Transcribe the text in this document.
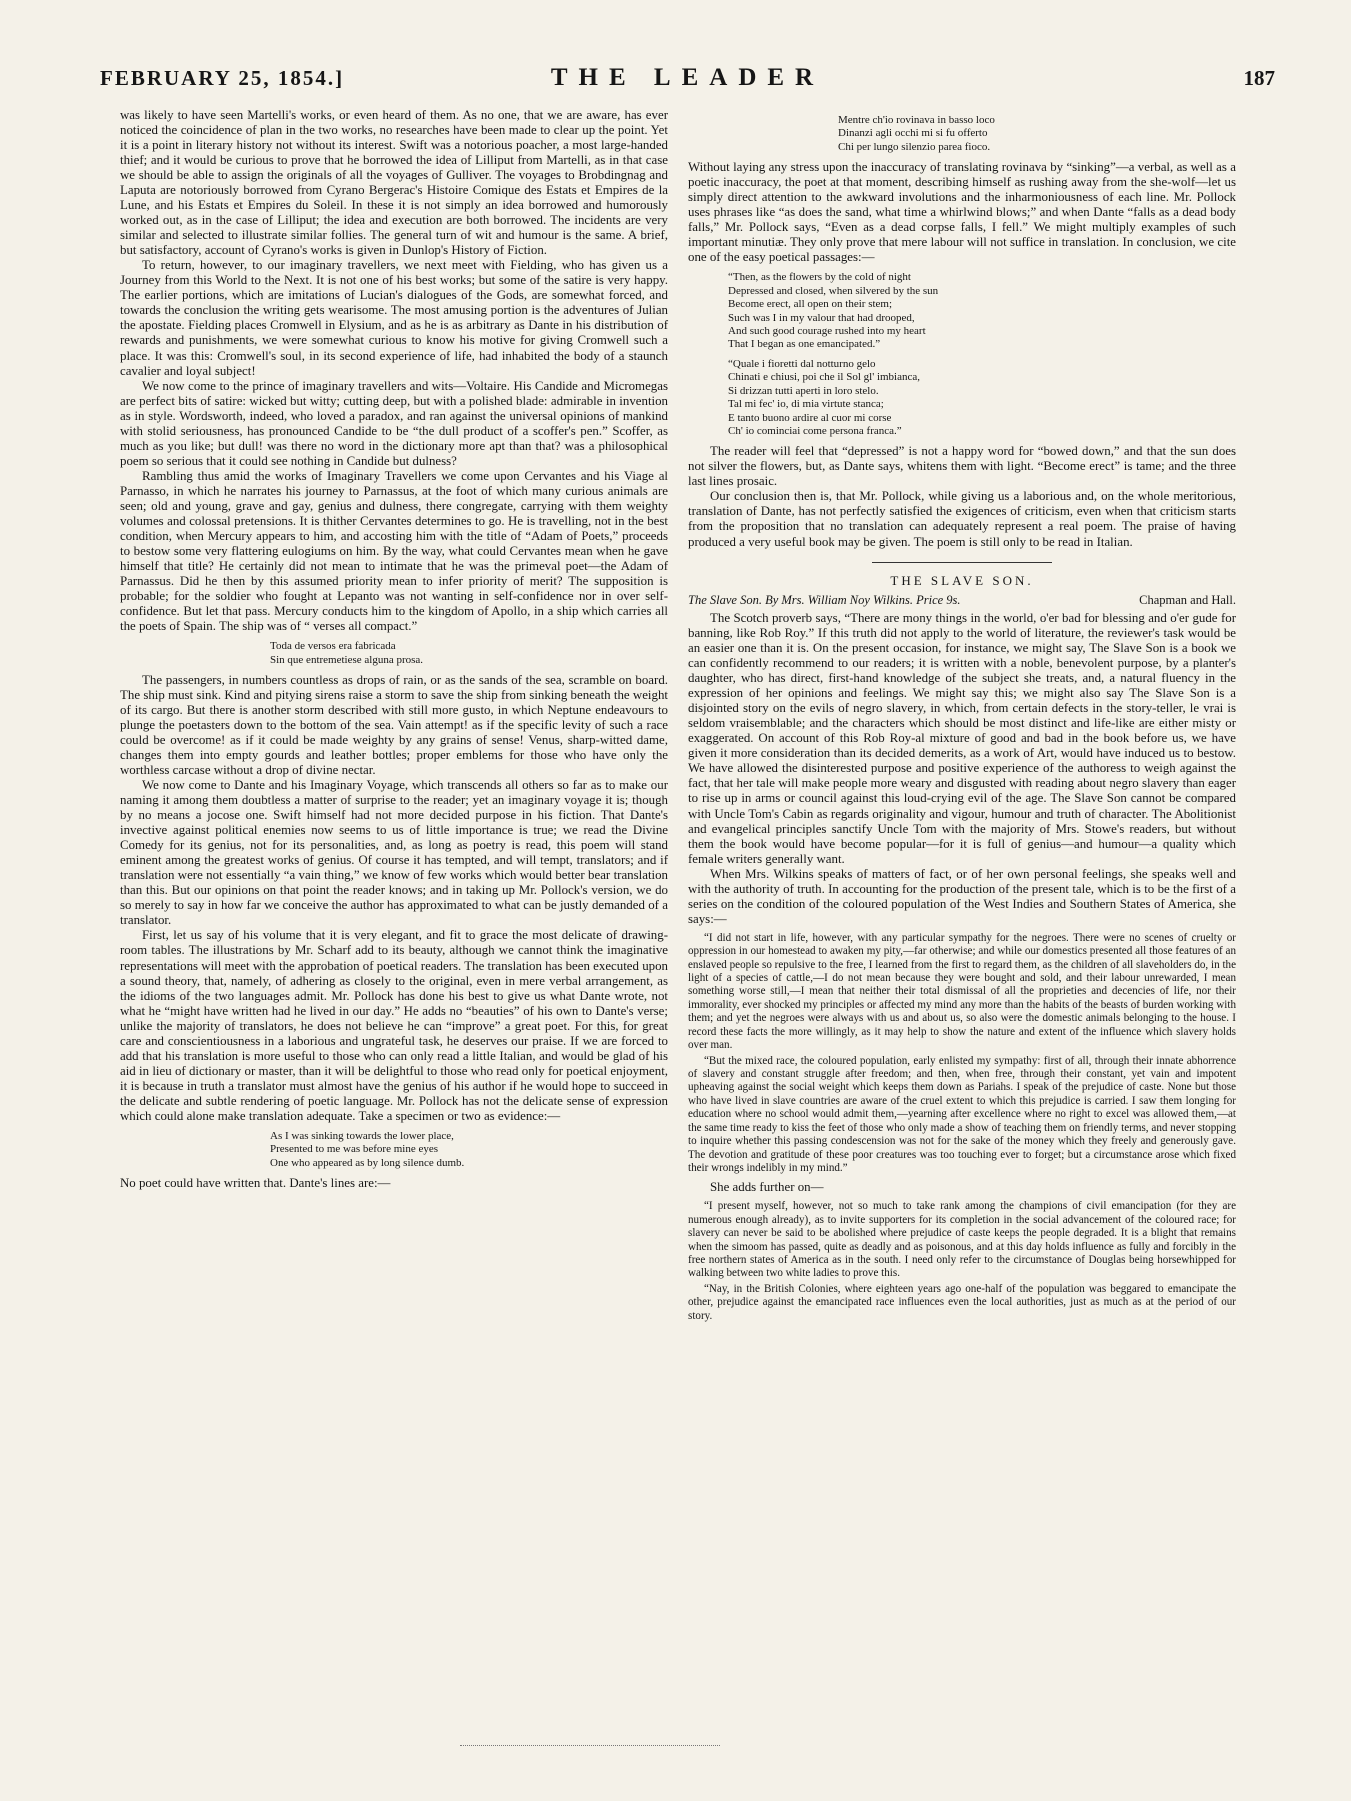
FEBRUARY 25, 1854.]	THE LEADER	187

was likely to have seen Martelli's works, or even heard of them. As no one, that we are aware, has ever noticed the coincidence of plan in the two works, no researches have been made to clear up the point. Yet it is a point in literary history not without its interest. Swift was a notorious poacher, a most large-handed thief; and it would be curious to prove that he borrowed the idea of Lilliput from Martelli, as in that case we should be able to assign the originals of all the voyages of Gulliver. The voyages to Brobdingnag and Laputa are notoriously borrowed from Cyrano Bergerac's Histoire Comique des Estats et Empires de la Lune, and his Estats et Empires du Soleil. In these it is not simply an idea borrowed and humorously worked out, as in the case of Lilliput; the idea and execution are both borrowed. The incidents are very similar and selected to illustrate similar follies. The general turn of wit and humour is the same. A brief, but satisfactory, account of Cyrano's works is given in Dunlop's History of Fiction.

To return, however, to our imaginary travellers, we next meet with Fielding, who has given us a Journey from this World to the Next. It is not one of his best works; but some of the satire is very happy. The earlier portions, which are imitations of Lucian's dialogues of the Gods, are somewhat forced, and towards the conclusion the writing gets wearisome. The most amusing portion is the adventures of Julian the apostate. Fielding places Cromwell in Elysium, and as he is as arbitrary as Dante in his distribution of rewards and punishments, we were somewhat curious to know his motive for giving Cromwell such a place. It was this: Cromwell's soul, in its second experience of life, had inhabited the body of a staunch cavalier and loyal subject!

We now come to the prince of imaginary travellers and wits—Voltaire. His Candide and Micromegas are perfect bits of satire: wicked but witty; cutting deep, but with a polished blade: admirable in invention as in style. Wordsworth, indeed, who loved a paradox, and ran against the universal opinions of mankind with stolid seriousness, has pronounced Candide to be “the dull product of a scoffer's pen.” Scoffer, as much as you like; but dull! was there no word in the dictionary more apt than that? was a philosophical poem so serious that it could see nothing in Candide but dulness?

Rambling thus amid the works of Imaginary Travellers we come upon Cervantes and his Viage al Parnasso, in which he narrates his journey to Parnassus, at the foot of which many curious animals are seen; old and young, grave and gay, genius and dulness, there congregate, carrying with them weighty volumes and colossal pretensions. It is thither Cervantes determines to go. He is travelling, not in the best condition, when Mercury appears to him, and accosting him with the title of “Adam of Poets,” proceeds to bestow some very flattering eulogiums on him. By the way, what could Cervantes mean when he gave himself that title? He certainly did not mean to intimate that he was the primeval poet—the Adam of Parnassus. Did he then by this assumed priority mean to infer priority of merit? The supposition is probable; for the soldier who fought at Lepanto was not wanting in self-confidence nor in over self-confidence. But let that pass. Mercury conducts him to the kingdom of Apollo, in a ship which carries all the poets of Spain. The ship was of “ verses all compact.”

Toda de versos era fabricada
Sin que entremetiese alguna prosa.

The passengers, in numbers countless as drops of rain, or as the sands of the sea, scramble on board. The ship must sink. Kind and pitying sirens raise a storm to save the ship from sinking beneath the weight of its cargo. But there is another storm described with still more gusto, in which Neptune endeavours to plunge the poetasters down to the bottom of the sea. Vain attempt! as if the specific levity of such a race could be overcome! as if it could be made weighty by any grains of sense! Venus, sharp-witted dame, changes them into empty gourds and leather bottles; proper emblems for those who have only the worthless carcase without a drop of divine nectar.

We now come to Dante and his Imaginary Voyage, which transcends all others so far as to make our naming it among them doubtless a matter of surprise to the reader; yet an imaginary voyage it is; though by no means a jocose one. Swift himself had not more decided purpose in his fiction. That Dante's invective against political enemies now seems to us of little importance is true; we read the Divine Comedy for its genius, not for its personalities, and, as long as poetry is read, this poem will stand eminent among the greatest works of genius. Of course it has tempted, and will tempt, translators; and if translation were not essentially “a vain thing,” we know of few works which would better bear translation than this. But our opinions on that point the reader knows; and in taking up Mr. Pollock's version, we do so merely to say in how far we conceive the author has approximated to what can be justly demanded of a translator.

First, let us say of his volume that it is very elegant, and fit to grace the most delicate of drawing-room tables. The illustrations by Mr. Scharf add to its beauty, although we cannot think the imaginative representations will meet with the approbation of poetical readers. The translation has been executed upon a sound theory, that, namely, of adhering as closely to the original, even in mere verbal arrangement, as the idioms of the two languages admit. Mr. Pollock has done his best to give us what Dante wrote, not what he “might have written had he lived in our day.” He adds no “beauties” of his own to Dante's verse; unlike the majority of translators, he does not believe he can “improve” a great poet. For this, for great care and conscientiousness in a laborious and ungrateful task, he deserves our praise. If we are forced to add that his translation is more useful to those who can only read a little Italian, and would be glad of his aid in lieu of dictionary or master, than it will be delightful to those who read only for poetical enjoyment, it is because in truth a translator must almost have the genius of his author if he would hope to succeed in the delicate and subtle rendering of poetic language. Mr. Pollock has not the delicate sense of expression which could alone make translation adequate. Take a specimen or two as evidence:—

As I was sinking towards the lower place,
Presented to me was before mine eyes
One who appeared as by long silence dumb.

No poet could have written that. Dante's lines are:—

Mentre ch'io rovinava in basso loco
Dinanzi agli occhi mi si fu offerto
Chi per lungo silenzio parea fioco.

Without laying any stress upon the inaccuracy of translating rovinava by “sinking”—a verbal, as well as a poetic inaccuracy, the poet at that moment, describing himself as rushing away from the she-wolf—let us simply direct attention to the awkward involutions and the inharmoniousness of each line. Mr. Pollock uses phrases like “as does the sand, what time a whirlwind blows;” and when Dante “falls as a dead body falls,” Mr. Pollock says, “Even as a dead corpse falls, I fell.” We might multiply examples of such important minutiæ. They only prove that mere labour will not suffice in translation. In conclusion, we cite one of the easy poetical passages:—

“Then, as the flowers by the cold of night
Depressed and closed, when silvered by the sun
Become erect, all open on their stem;
Such was I in my valour that had drooped,
And such good courage rushed into my heart
That I began as one emancipated.”
“Quale i fioretti dal notturno gelo
Chinati e chiusi, poi che il Sol gl' imbianca,
Si drizzan tutti aperti in loro stelo.
Tal mi fec' io, di mia virtute stanca;
E tanto buono ardire al cuor mi corse
Ch' io cominciai come persona franca.”

The reader will feel that “depressed” is not a happy word for “bowed down,” and that the sun does not silver the flowers, but, as Dante says, whitens them with light. “Become erect” is tame; and the three last lines prosaic.

Our conclusion then is, that Mr. Pollock, while giving us a laborious and, on the whole meritorious, translation of Dante, has not perfectly satisfied the exigences of criticism, even when that criticism starts from the proposition that no translation can adequately represent a real poem. The praise of having produced a very useful book may be given. The poem is still only to be read in Italian.

THE SLAVE SON.
The Slave Son. By Mrs. William Noy Wilkins. Price 9s.	Chapman and Hall.

The Scotch proverb says, “There are mony things in the world, o'er bad for blessing and o'er gude for banning, like Rob Roy.” If this truth did not apply to the world of literature, the reviewer's task would be an easier one than it is. On the present occasion, for instance, we might say, The Slave Son is a book we can confidently recommend to our readers; it is written with a noble, benevolent purpose, by a planter's daughter, who has direct, first-hand knowledge of the subject she treats, and, a natural fluency in the expression of her opinions and feelings. We might say this; we might also say The Slave Son is a disjointed story on the evils of negro slavery, in which, from certain defects in the story-teller, le vrai is seldom vraisemblable; and the characters which should be most distinct and life-like are either misty or exaggerated. On account of this Rob Roy-al mixture of good and bad in the book before us, we have given it more consideration than its decided demerits, as a work of Art, would have induced us to bestow. We have allowed the disinterested purpose and positive experience of the authoress to weigh against the fact, that her tale will make people more weary and disgusted with reading about negro slavery than eager to rise up in arms or council against this loud-crying evil of the age. The Slave Son cannot be compared with Uncle Tom's Cabin as regards originality and vigour, humour and truth of character. The Abolitionist and evangelical principles sanctify Uncle Tom with the majority of Mrs. Stowe's readers, but without them the book would have become popular—for it is full of genius—and humour—a quality which female writers generally want.

When Mrs. Wilkins speaks of matters of fact, or of her own personal feelings, she speaks well and with the authority of truth. In accounting for the production of the present tale, which is to be the first of a series on the condition of the coloured population of the West Indies and Southern States of America, she says:—

“I did not start in life, however, with any particular sympathy for the negroes. There were no scenes of cruelty or oppression in our homestead to awaken my pity,—far otherwise; and while our domestics presented all those features of an enslaved people so repulsive to the free, I learned from the first to regard them, as the children of all slaveholders do, in the light of a species of cattle,—I do not mean because they were bought and sold, and their labour unrewarded, I mean something worse still,—I mean that neither their total dismissal of all the proprieties and decencies of life, nor their immorality, ever shocked my principles or affected my mind any more than the habits of the beasts of burden working with them; and yet the negroes were always with us and about us, so also were the domestic animals belonging to the house. I record these facts the more willingly, as it may help to show the nature and extent of the influence which slavery holds over man.

“But the mixed race, the coloured population, early enlisted my sympathy: first of all, through their innate abhorrence of slavery and constant struggle after freedom; and then, when free, through their constant, yet vain and impotent upheaving against the social weight which keeps them down as Pariahs. I speak of the prejudice of caste. None but those who have lived in slave countries are aware of the cruel extent to which this prejudice is carried. I saw them longing for education where no school would admit them,—yearning after excellence where no right to excel was allowed them,—at the same time ready to kiss the feet of those who only made a show of teaching them on friendly terms, and never stopping to inquire whether this passing condescension was not for the sake of the money which they freely and generously gave. The devotion and gratitude of these poor creatures was too touching ever to forget; but a circumstance arose which fixed their wrongs indelibly in my mind.”

She adds further on—

“I present myself, however, not so much to take rank among the champions of civil emancipation (for they are numerous enough already), as to invite supporters for its completion in the social advancement of the coloured race; for slavery can never be said to be abolished where prejudice of caste keeps the people degraded. It is a blight that remains when the simoom has passed, quite as deadly and as poisonous, and at this day holds influence as fully and forcibly in the free northern states of America as in the south. I need only refer to the circumstance of Douglas being horsewhipped for walking between two white ladies to prove this.

“Nay, in the British Colonies, where eighteen years ago one-half of the population was beggared to emancipate the other, prejudice against the emancipated race influences even the local authorities, just as much as at the period of our story.
